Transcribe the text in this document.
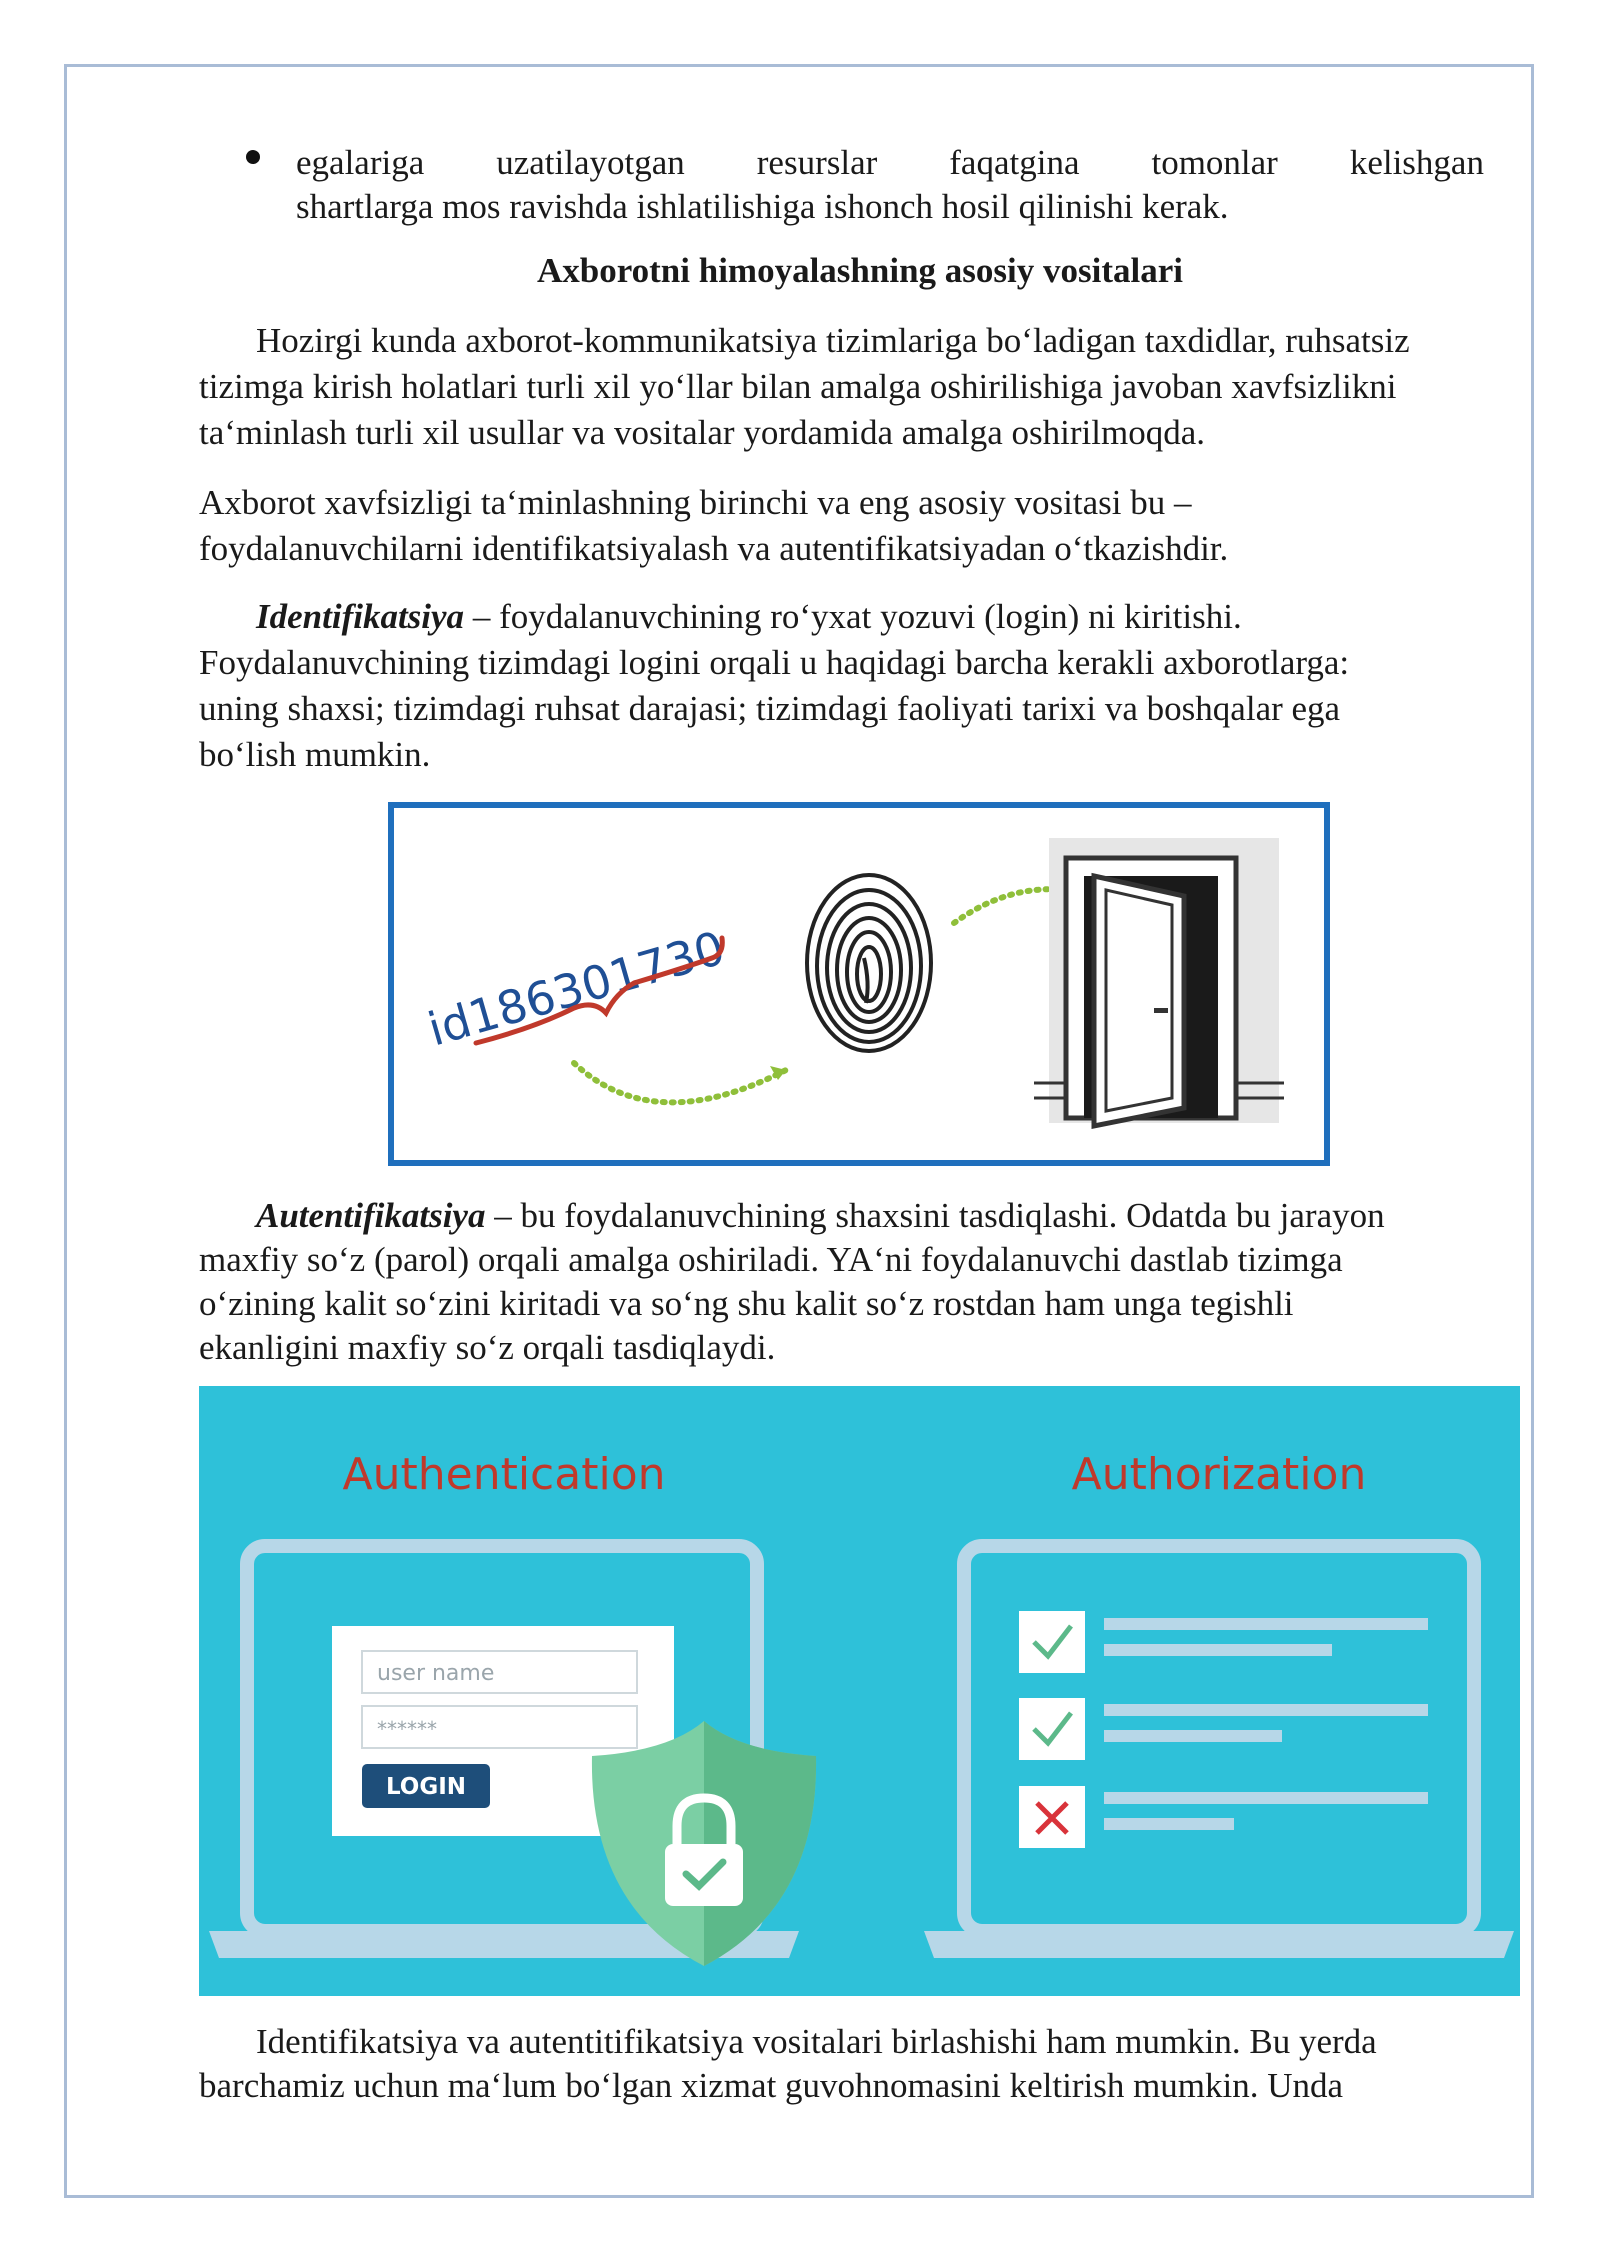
egalariga uzatilayotgan resurslar faqatgina tomonlar kelishgan
shartlarga mos ravishda ishlatilishiga ishonch hosil qilinishi kerak.
Axborotni himoyalashning asosiy vositalari
Hozirgi kunda axborot-kommunikatsiya tizimlariga bo‘ladigan taxdidlar, ruhsatsiz
tizimga kirish holatlari turli xil yo‘llar bilan amalga oshirilishiga javoban xavfsizlikni
ta‘minlash turli xil usullar va vositalar yordamida amalga oshirilmoqda.
Axborot xavfsizligi ta‘minlashning birinchi va eng asosiy vositasi bu –
foydalanuvchilarni identifikatsiyalash va autentifikatsiyadan o‘tkazishdir.
Identifikatsiya – foydalanuvchining ro‘yxat yozuvi (login) ni kiritishi.
Foydalanuvchining tizimdagi logini orqali u haqidagi barcha kerakli axborotlarga:
uning shaxsi; tizimdagi ruhsat darajasi; tizimdagi faoliyati tarixi va boshqalar ega
bo‘lish mumkin.
id186301730
Autentifikatsiya – bu foydalanuvchining shaxsini tasdiqlashi. Odatda bu jarayon
maxfiy so‘z (parol) orqali amalga oshiriladi. YA‘ni foydalanuvchi dastlab tizimga
o‘zining kalit so‘zini kiritadi va so‘ng shu kalit so‘z rostdan ham unga tegishli
ekanligini maxfiy so‘z orqali tasdiqlaydi.
Authentication	Authorization
user name
******
LOGIN
Identifikatsiya va autentitifikatsiya vositalari birlashishi ham mumkin. Bu yerda
barchamiz uchun ma‘lum bo‘lgan xizmat guvohnomasini keltirish mumkin. Unda
